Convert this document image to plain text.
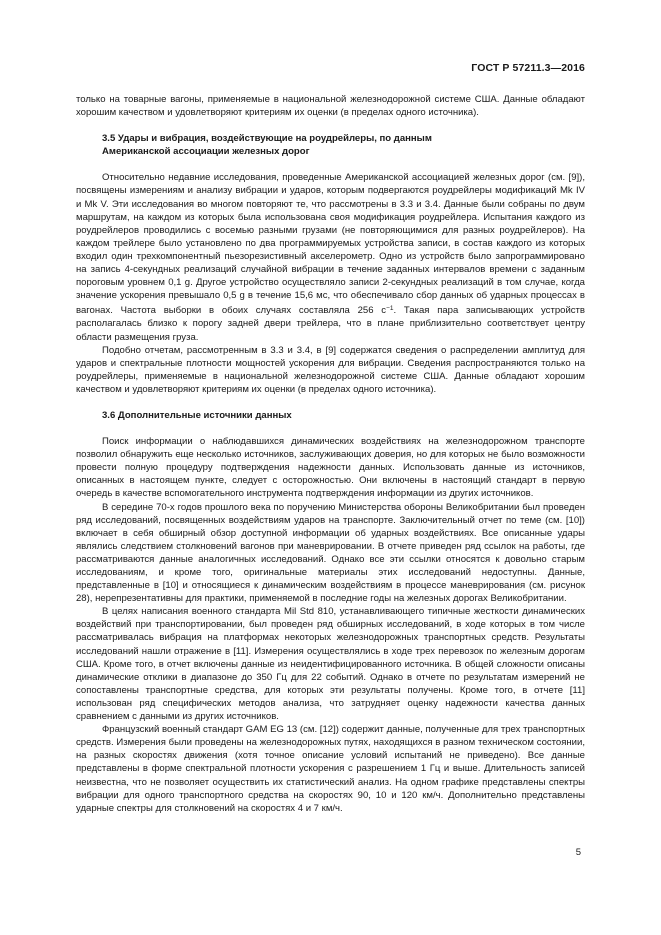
ГОСТ Р 57211.3—2016

только на товарные вагоны, применяемые в национальной железнодорожной системе США. Данные обладают хорошим качеством и удовлетворяют критериям их оценки (в пределах одного источника).

3.5 Удары и вибрация, воздействующие на роудрейлеры, по данным
Американской ассоциации железных дорог

Относительно недавние исследования, проведенные Американской ассоциацией железных дорог (см. [9]), посвящены измерениям и анализу вибрации и ударов, которым подвергаются роудрейлеры модификаций Mk IV и Mk V. Эти исследования во многом повторяют те, что рассмотрены в 3.3 и 3.4. Данные были собраны по двум маршрутам, на каждом из которых была использована своя модификация роудрейлера. Испытания каждого из роудрейлеров проводились с восемью разными грузами (не повторяющимися для разных роудрейлеров). На каждом трейлере было установлено по два программируемых устройства записи, в состав каждого из которых входил один трехкомпонентный пьезорезистивный акселерометр. Одно из устройств было запрограммировано на запись 4-секундных реализаций случайной вибрации в течение заданных интервалов времени с заданным пороговым уровнем 0,1 g. Другое устройство осуществляло записи 2-секундных реализаций в том случае, когда значение ускорения превышало 0,5 g в течение 15,6 мс, что обеспечивало сбор данных об ударных процессах в вагонах. Частота выборки в обоих случаях составляла 256 $с^{-1}$. Такая пара записывающих устройств располагалась близко к порогу задней двери трейлера, что в плане приблизительно соответствует центру области размещения груза.

Подобно отчетам, рассмотренным в 3.3 и 3.4, в [9] содержатся сведения о распределении амплитуд для ударов и спектральные плотности мощностей ускорения для вибрации. Сведения распространяются только на роудрейлеры, применяемые в национальной железнодорожной системе США. Данные обладают хорошим качеством и удовлетворяют критериям их оценки (в пределах одного источника).

3.6 Дополнительные источники данных

Поиск информации о наблюдавшихся динамических воздействиях на железнодорожном транспорте позволил обнаружить еще несколько источников, заслуживающих доверия, но для которых не было возможности провести полную процедуру подтверждения надежности данных. Использовать данные из источников, описанных в настоящем пункте, следует с осторожностью. Они включены в настоящий стандарт в первую очередь в качестве вспомогательного инструмента подтверждения информации из других источников.

В середине 70-х годов прошлого века по поручению Министерства обороны Великобритании был проведен ряд исследований, посвященных воздействиям ударов на транспорте. Заключительный отчет по теме (см. [10]) включает в себя обширный обзор доступной информации об ударных воздействиях. Все описанные удары являлись следствием столкновений вагонов при маневрировании. В отчете приведен ряд ссылок на работы, где рассматриваются данные аналогичных исследований. Однако все эти ссылки относятся к довольно старым исследованиям, и кроме того, оригинальные материалы этих исследований недоступны. Данные, представленные в [10] и относящиеся к динамическим воздействиям в процессе маневрирования (см. рисунок 28), нерепрезентативны для практики, применяемой в последние годы на железных дорогах Великобритании.

В целях написания военного стандарта Mil Std 810, устанавливающего типичные жесткости динамических воздействий при транспортировании, был проведен ряд обширных исследований, в ходе которых в том числе рассматривалась вибрация на платформах некоторых железнодорожных транспортных средств. Результаты исследований нашли отражение в [11]. Измерения осуществлялись в ходе трех перевозок по железным дорогам США. Кроме того, в отчет включены данные из неидентифицированного источника. В общей сложности описаны динамические отклики в диапазоне до 350 Гц для 22 событий. Однако в отчете по результатам измерений не сопоставлены транспортные средства, для которых эти результаты получены. Кроме того, в отчете [11] использован ряд специфических методов анализа, что затрудняет оценку надежности качества данных сравнением с данными из других источников.

Французский военный стандарт GAM EG 13 (см. [12]) содержит данные, полученные для трех транспортных средств. Измерения были проведены на железнодорожных путях, находящихся в разном техническом состоянии, на разных скоростях движения (хотя точное описание условий испытаний не приведено). Все данные представлены в форме спектральной плотности ускорения с разрешением 1 Гц и выше. Длительность записей неизвестна, что не позволяет осуществить их статистический анализ. На одном графике представлены спектры вибрации для одного транспортного средства на скоростях 90, 10 и 120 км/ч. Дополнительно представлены ударные спектры для столкновений на скоростях 4 и 7 км/ч.

5
